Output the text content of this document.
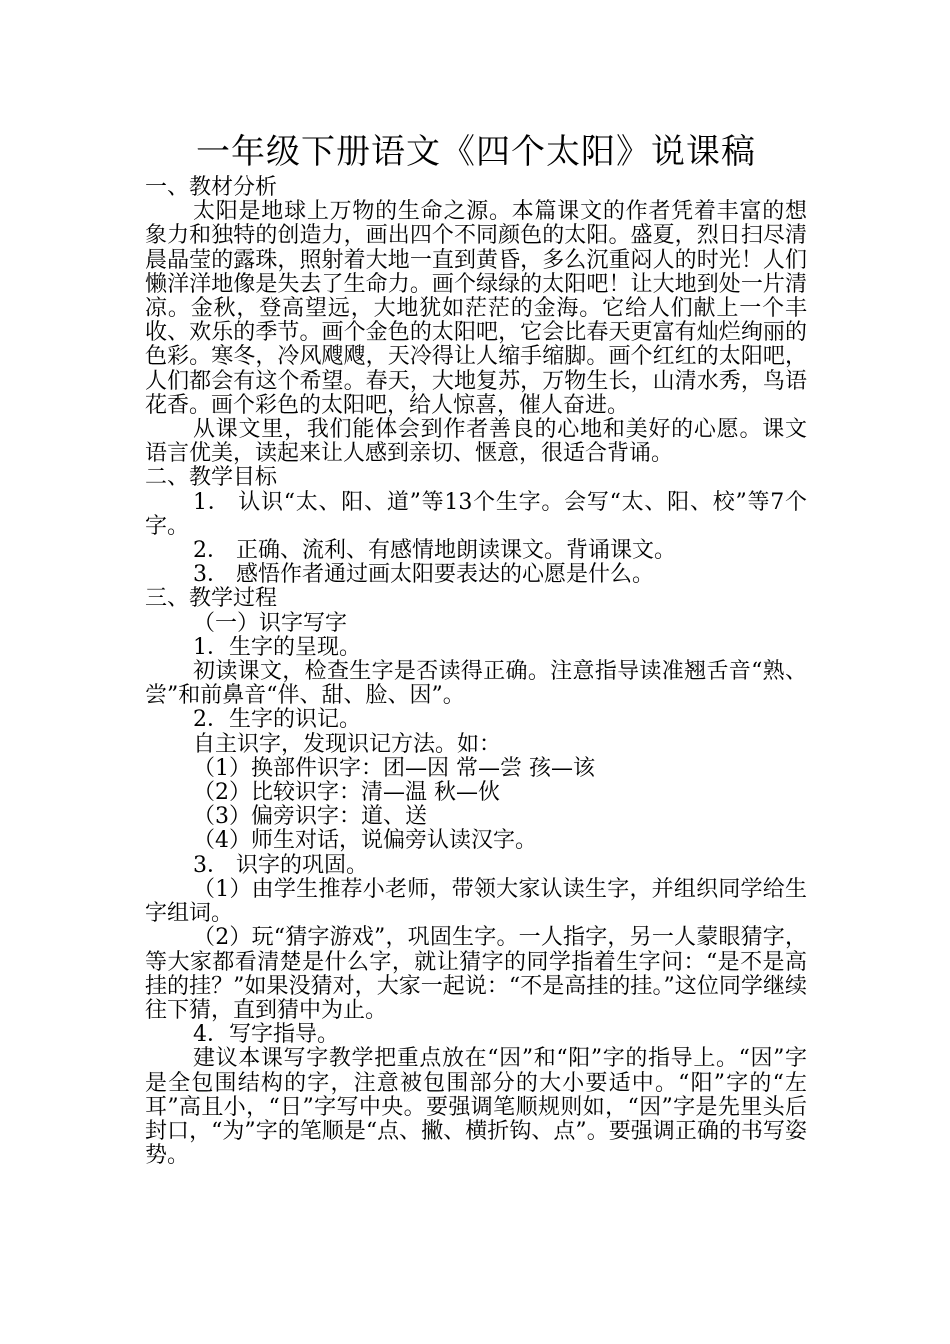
一年级下册语文《四个太阳》说课稿

一、教材分析

太阳是地球上万物的生命之源。本篇课文的作者凭着丰富的想象力和独特的创造力，画出四个不同颜色的太阳。盛夏，烈日扫尽清晨晶莹的露珠，照射着大地一直到黄昏，多么沉重闷人的时光！人们懒洋洋地像是失去了生命力。画个绿绿的太阳吧！让大地到处一片清凉。金秋，登高望远，大地犹如茫茫的金海。它给人们献上一个丰收、欢乐的季节。画个金色的太阳吧，它会比春天更富有灿烂绚丽的色彩。寒冬，冷风飕飕，天冷得让人缩手缩脚。画个红红的太阳吧，人们都会有这个希望。春天，大地复苏，万物生长，山清水秀，鸟语花香。画个彩色的太阳吧，给人惊喜，催人奋进。

从课文里，我们能体会到作者善良的心地和美好的心愿。课文语言优美，读起来让人感到亲切、惬意，很适合背诵。

二、教学目标

1． 认识“太、阳、道”等13个生字。会写“太、阳、校”等7个字。

2． 正确、流利、有感情地朗读课文。背诵课文。

3． 感悟作者通过画太阳要表达的心愿是什么。

三、教学过程

（一）识字写字

1．生字的呈现。

初读课文，检查生字是否读得正确。注意指导读准翘舌音“熟、尝”和前鼻音“伴、甜、脸、因”。

2．生字的识记。

自主识字，发现识记方法。如：

（1）换部件识字：团—因 常—尝 孩—该

（2）比较识字：清—温 秋—伙

（3）偏旁识字：道、送

（4）师生对话，说偏旁认读汉字。

3． 识字的巩固。

（1）由学生推荐小老师，带领大家认读生字，并组织同学给生字组词。

（2）玩“猜字游戏”，巩固生字。一人指字，另一人蒙眼猜字，等大家都看清楚是什么字，就让猜字的同学指着生字问：“是不是高挂的挂？”如果没猜对，大家一起说：“不是高挂的挂。”这位同学继续往下猜，直到猜中为止。

4．写字指导。

建议本课写字教学把重点放在“因”和“阳”字的指导上。“因”字是全包围结构的字，注意被包围部分的大小要适中。“阳”字的“左耳”高且小，“日”字写中央。要强调笔顺规则如，“因”字是先里头后封口，“为”字的笔顺是“点、撇、横折钩、点”。要强调正确的书写姿势。
